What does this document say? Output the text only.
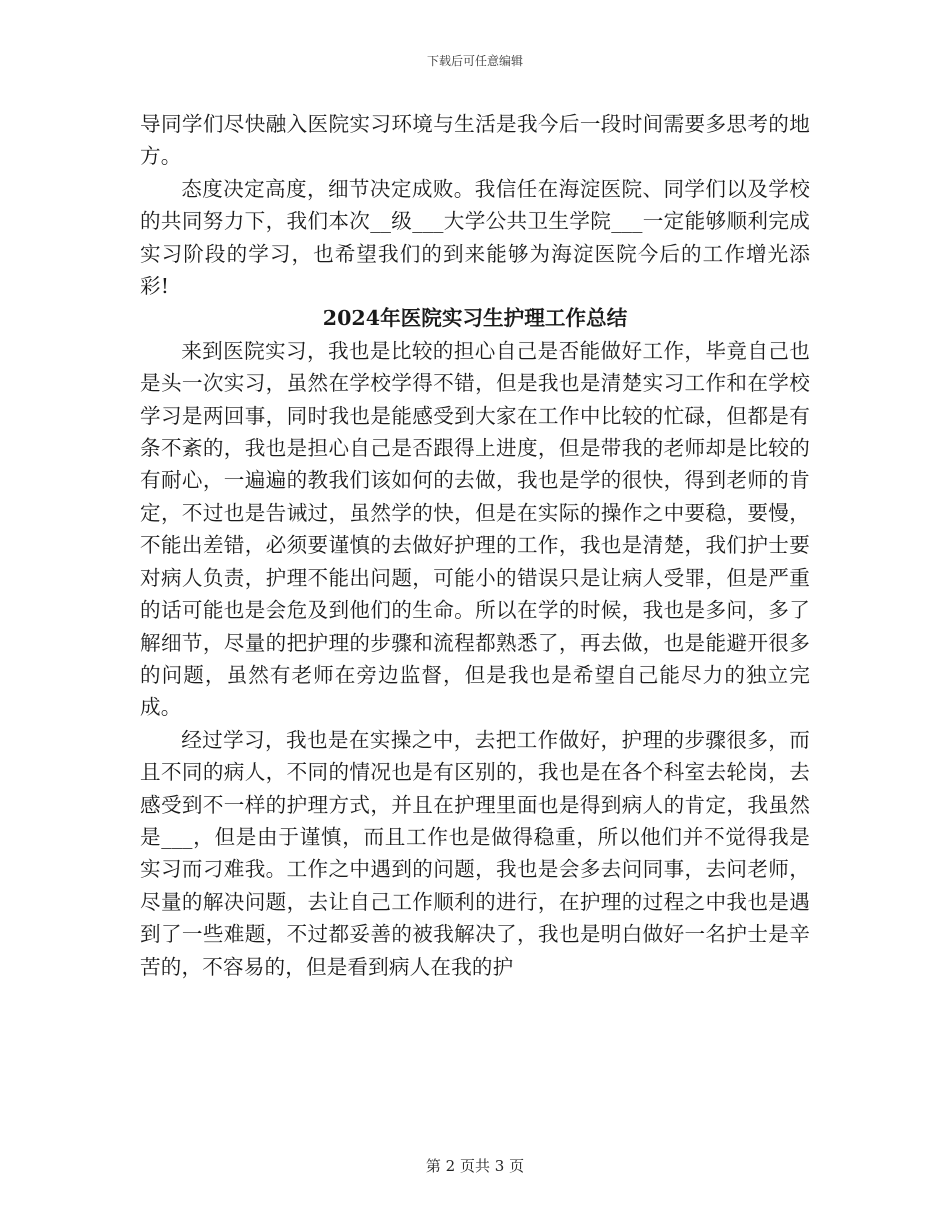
下载后可任意编辑

导同学们尽快融入医院实习环境与生活是我今后一段时间需要多思考的地方。

态度决定高度，细节决定成败。我信任在海淀医院、同学们以及学校的共同努力下，我们本次__级___大学公共卫生学院___一定能够顺利完成实习阶段的学习，也希望我们的到来能够为海淀医院今后的工作增光添彩!

2024年医院实习生护理工作总结

来到医院实习，我也是比较的担心自己是否能做好工作，毕竟自己也是头一次实习，虽然在学校学得不错，但是我也是清楚实习工作和在学校学习是两回事，同时我也是能感受到大家在工作中比较的忙碌，但都是有条不紊的，我也是担心自己是否跟得上进度，但是带我的老师却是比较的有耐心，一遍遍的教我们该如何的去做，我也是学的很快，得到老师的肯定，不过也是告诫过，虽然学的快，但是在实际的操作之中要稳，要慢，不能出差错，必须要谨慎的去做好护理的工作，我也是清楚，我们护士要对病人负责，护理不能出问题，可能小的错误只是让病人受罪，但是严重的话可能也是会危及到他们的生命。所以在学的时候，我也是多问，多了解细节，尽量的把护理的步骤和流程都熟悉了，再去做，也是能避开很多的问题，虽然有老师在旁边监督，但是我也是希望自己能尽力的独立完成。

经过学习，我也是在实操之中，去把工作做好，护理的步骤很多，而且不同的病人，不同的情况也是有区别的，我也是在各个科室去轮岗，去感受到不一样的护理方式，并且在护理里面也是得到病人的肯定，我虽然是___，但是由于谨慎，而且工作也是做得稳重，所以他们并不觉得我是实习而刁难我。工作之中遇到的问题，我也是会多去问同事，去问老师，尽量的解决问题，去让自己工作顺利的进行，在护理的过程之中我也是遇到了一些难题，不过都妥善的被我解决了，我也是明白做好一名护士是辛苦的，不容易的，但是看到病人在我的护

第 2 页共 3 页
